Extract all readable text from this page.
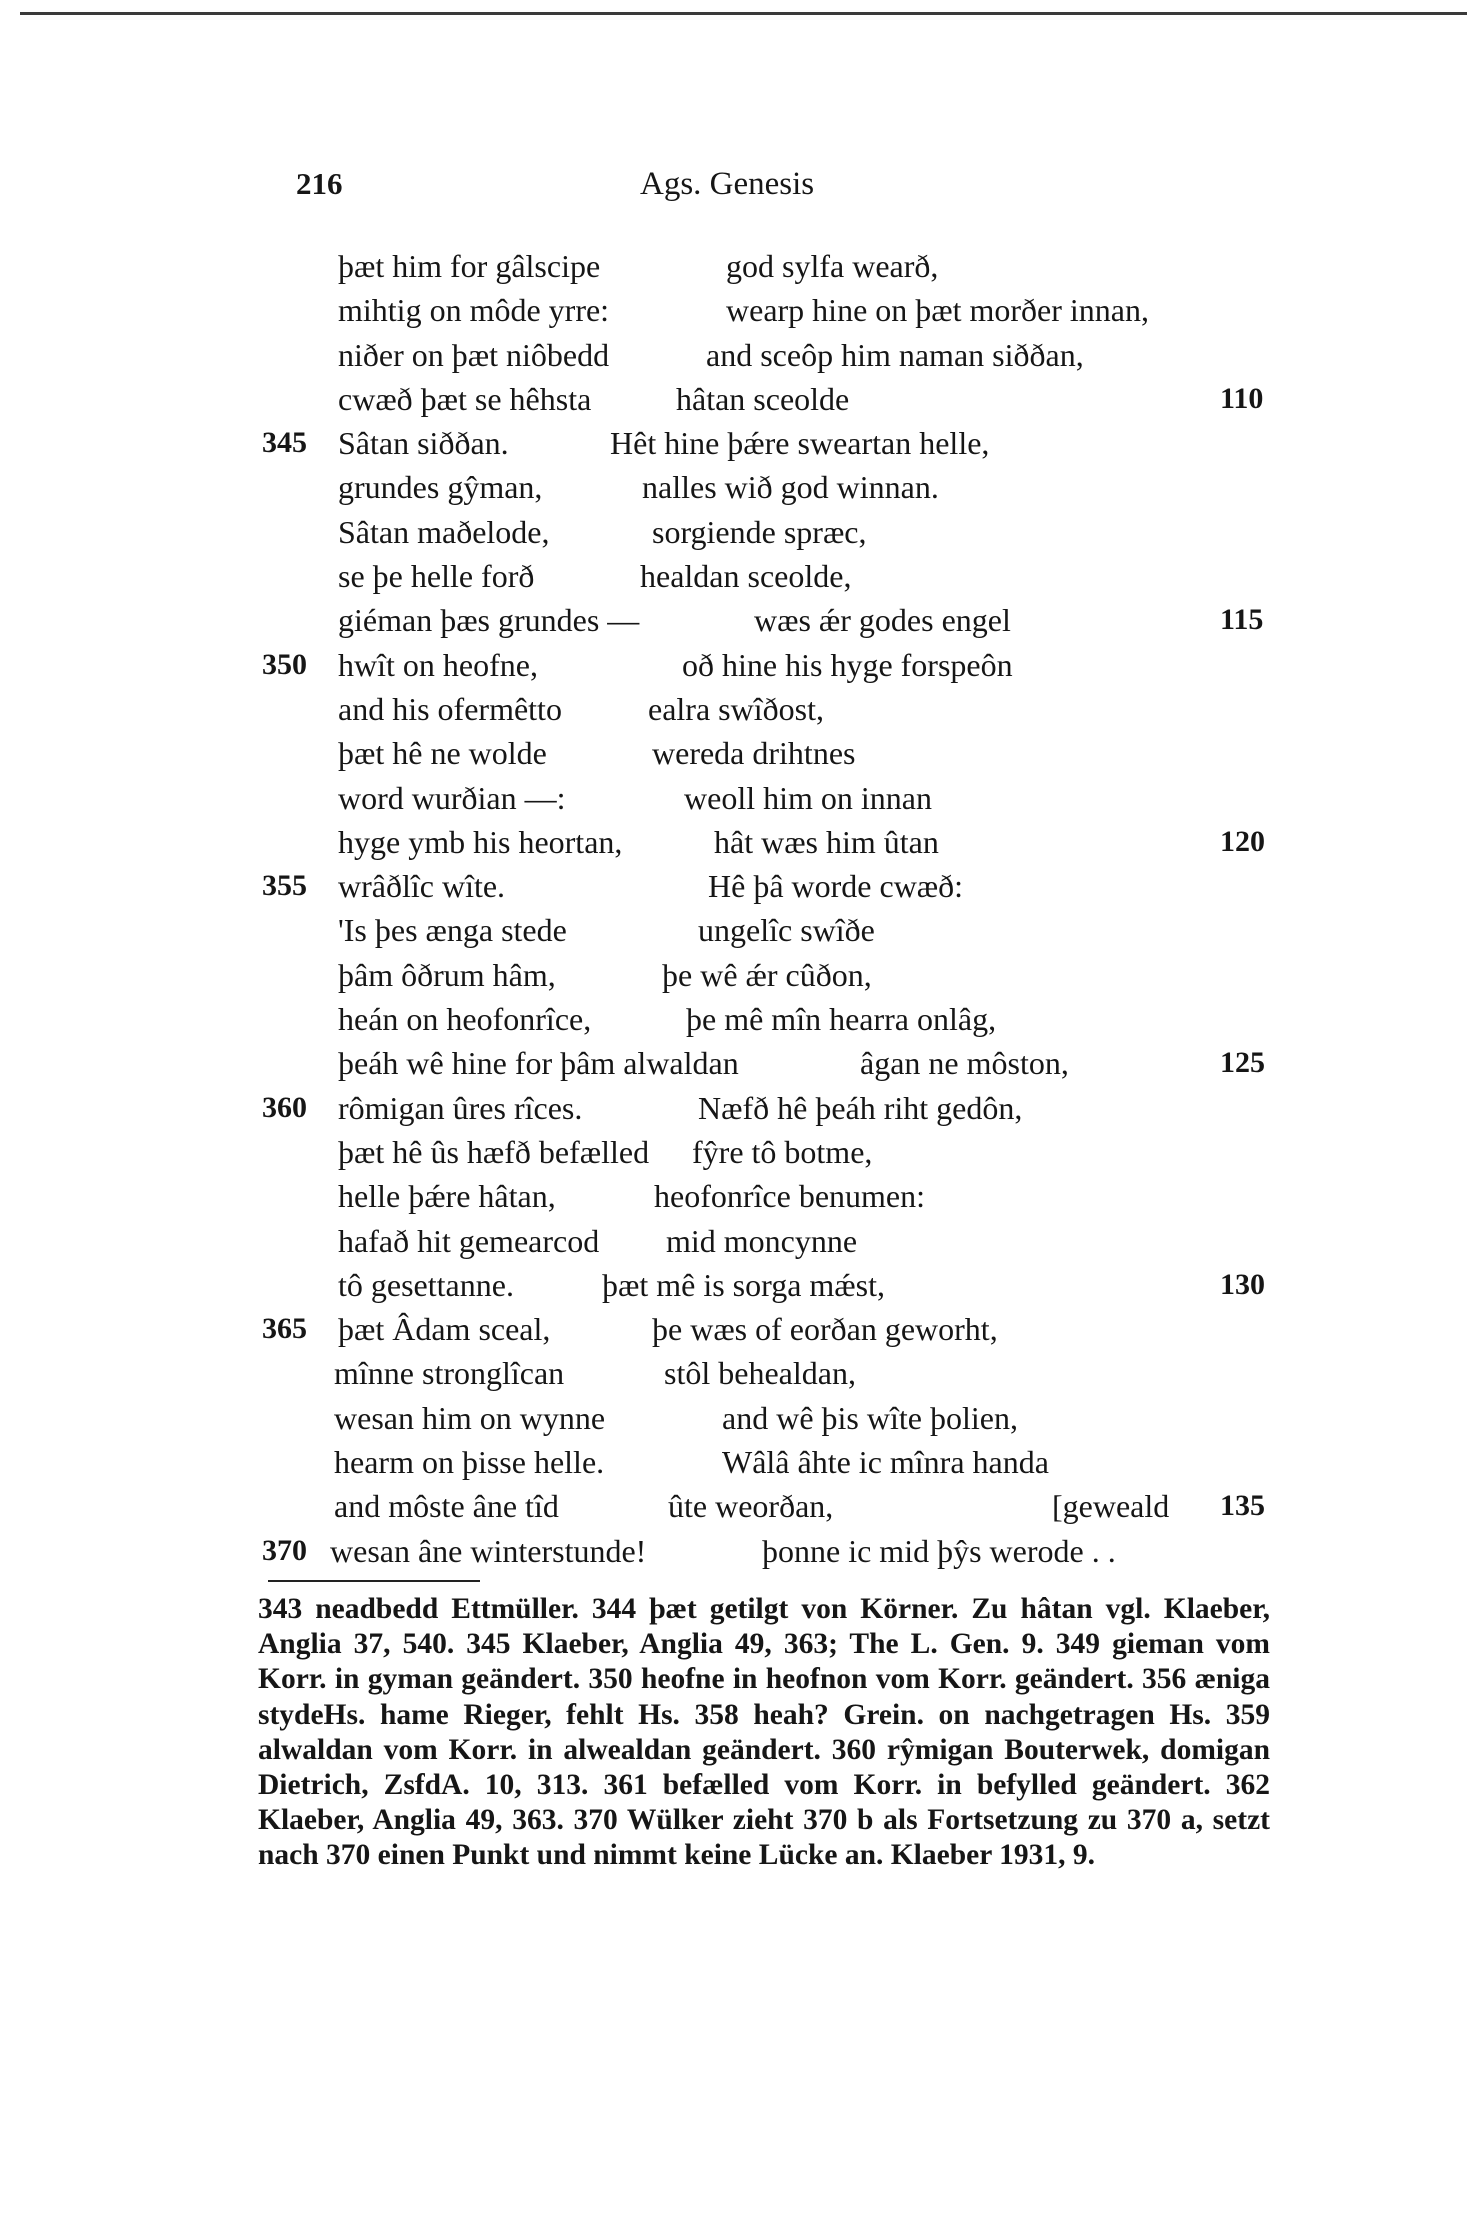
216	Ags. Genesis
þæt him for gâlscipe	god sylfa wearð,
mihtig on môde yrre:	wearp hine on þæt morðer innan,
niðer on þæt niôbedd	and sceôp him naman siððan,
cwæð þæt se hêhsta	hâtan sceolde	110
345 Sâtan siððan.	Hêt hine þǽre sweartan helle,
grundes gŷman,	nalles wið god winnan.
Sâtan maðelode,	sorgiende spræc,
se þe helle forð	healdan sceolde,
giéman þæs grundes —	wæs ǽr godes engel	115
350 hwît on heofne,	oð hine his hyge forspeôn
and his ofermêtto	ealra swîðost,
þæt hê ne wolde	wereda drihtnes
word wurðian —:	weoll him on innan
hyge ymb his heortan,	hât wæs him ûtan	120
355 wrâðlîc wîte.	Hê þâ worde cwæð:
'Is þes ænga stede	ungelîc swîðe
þâm ôðrum hâm,	þe wê ǽr cûðon,
heán on heofonrîce,	þe mê mîn hearra onlâg,
þeáh wê hine for þâm alwaldan	âgan ne môston,	125
360 rômigan ûres rîces.	Næfð hê þeáh riht gedôn,
þæt hê ûs hæfð befælled fŷre tô botme,
helle þǽre hâtan,	heofonrîce benumen:
hafað hit gemearcod mid moncynne
tô gesettanne.	þæt mê is sorga mǽst,	130
365 þæt Âdam sceal,	þe wæs of eorðan geworht,
mînne stronglîcan	stôl behealdan,
wesan him on wynne	and wê þis wîte þolien,
hearm on þisse helle.	Wâlâ âhte ic mînra handa
and môste âne tîd	ûte weorðan,	[geweald 135
370 wesan âne winterstunde!	þonne ic mid þŷs werode . .
343 neadbedd Ettmüller. 344 þæt getilgt von Körner. Zu hâtan vgl. Klaeber, Anglia 37, 540. 345 Klaeber, Anglia 49, 363; The L. Gen. 9. 349 gieman vom Korr. in gyman geändert. 350 heofne in heofnon vom Korr. geändert. 356 æniga stydeHs. hame Rieger, fehlt Hs. 358 heah? Grein. on nachgetragen Hs. 359 alwaldan vom Korr. in alwealdan geändert. 360 rŷmigan Bouterwek, domigan Dietrich, ZsfdA. 10, 313. 361 befælled vom Korr. in befylled geändert. 362 Klaeber, Anglia 49, 363. 370 Wülker zieht 370 b als Fortsetzung zu 370 a, setzt nach 370 einen Punkt und nimmt keine Lücke an. Klaeber 1931, 9.
